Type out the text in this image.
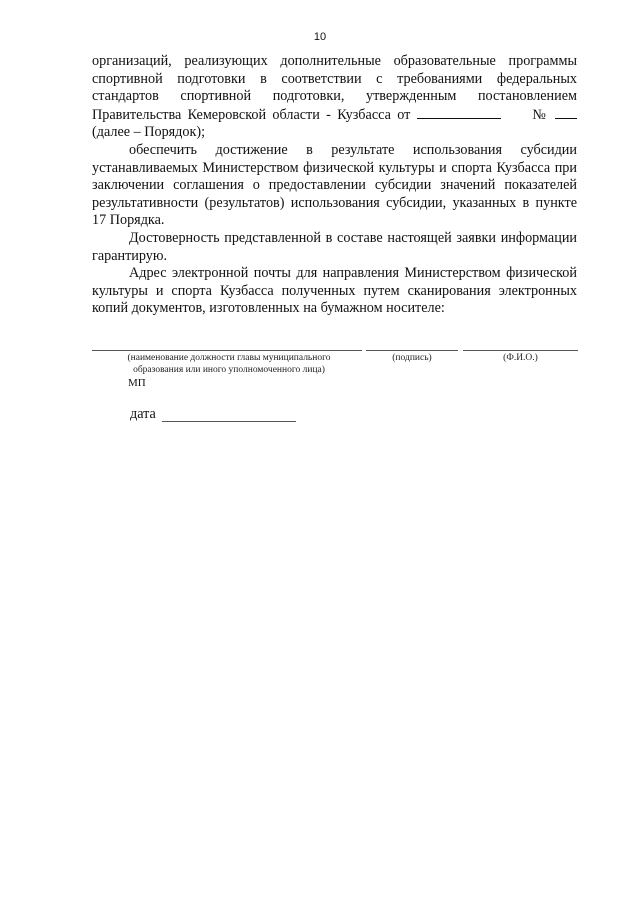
10

организаций, реализующих дополнительные образовательные программы спортивной подготовки в соответствии с требованиями федеральных стандартов спортивной подготовки, утвержденным постановлением Правительства Кемеровской области - Кузбасса от	№  (далее – Порядок);

обеспечить достижение в результате использования субсидии устанавливаемых Министерством физической культуры и спорта Кузбасса при заключении соглашения о предоставлении субсидии значений показателей результативности (результатов) использования субсидии, указанных в пункте 17 Порядка.

Достоверность представленной в составе настоящей заявки информации гарантирую.

Адрес электронной почты для направления Министерством физической культуры и спорта Кузбасса полученных путем сканирования электронных копий документов, изготовленных на бумажном носителе:

(наименование должности главы муниципального образования или иного уполномоченного лица)
(подпись)	(Ф.И.О.)
МП
дата
